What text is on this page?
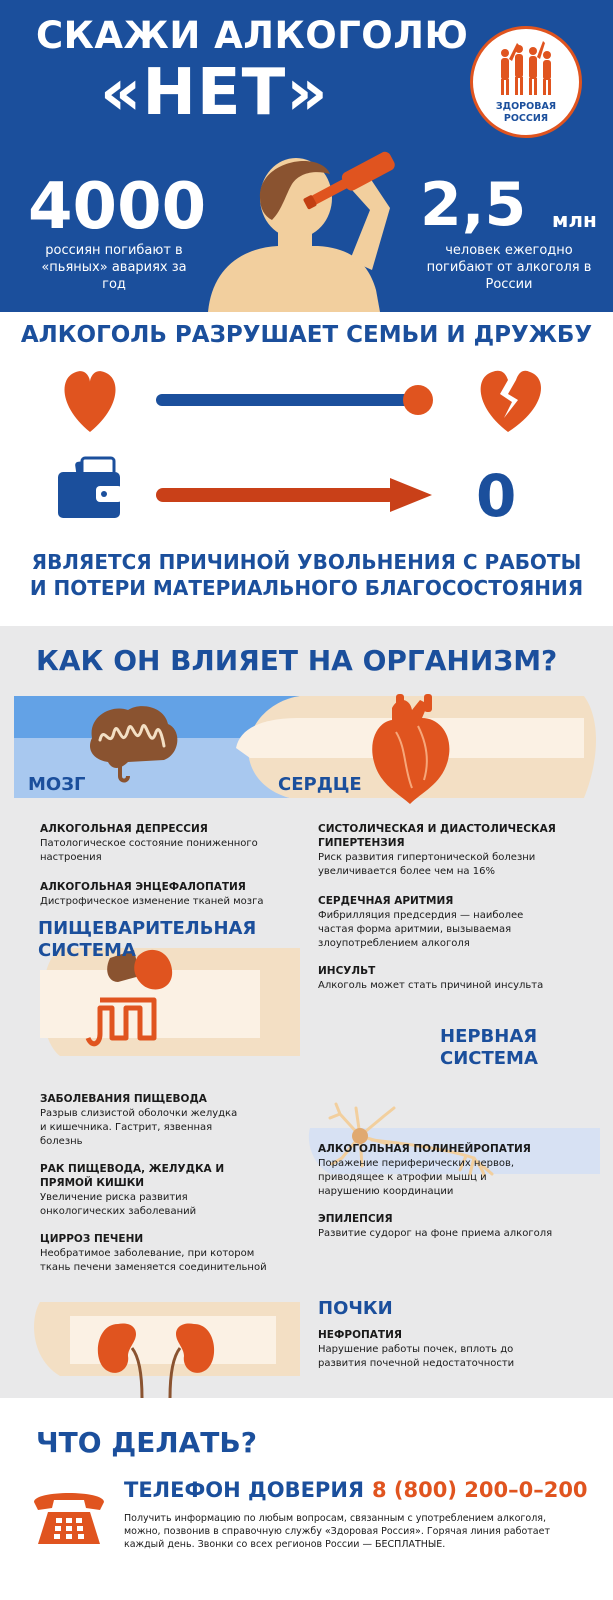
СКАЖИ АЛКОГОЛЮ
«НЕТ»	ЗДОРОВАЯ
РОССИЯ
4000
россиян погибают в «пьяных» авариях за год
2,5 млн
человек ежегодно погибают от алкоголя в России
АЛКОГОЛЬ РАЗРУШАЕТ СЕМЬИ И ДРУЖБУ
0
ЯВЛЯЕТСЯ ПРИЧИНОЙ УВОЛЬНЕНИЯ С РАБОТЫ
И ПОТЕРИ МАТЕРИАЛЬНОГО БЛАГОСОСТОЯНИЯ
КАК ОН ВЛИЯЕТ НА ОРГАНИЗМ?
МОЗГ	СЕРДЦЕ
АЛКОГОЛЬНАЯ ДЕПРЕССИЯ
Патологическое состояние пониженного настроения
АЛКОГОЛЬНАЯ ЭНЦЕФАЛОПАТИЯ
Дистрофическое изменение тканей мозга
СИСТОЛИЧЕСКАЯ И ДИАСТОЛИЧЕСКАЯ ГИПЕРТЕНЗИЯ
Риск развития гипертонической болезни увеличивается более чем на 16%
СЕРДЕЧНАЯ АРИТМИЯ
Фибрилляция предсердия — наиболее частая форма аритмии, вызываемая злоупотреблением алкоголя
ИНСУЛЬТ
Алкоголь может стать причиной инсульта
ПИЩЕВАРИТЕЛЬНАЯ
СИСТЕМА
ЗАБОЛЕВАНИЯ ПИЩЕВОДА
Разрыв слизистой оболочки желудка и кишечника. Гастрит, язвенная болезнь
РАК ПИЩЕВОДА, ЖЕЛУДКА И ПРЯМОЙ КИШКИ
Увеличение риска развития онкологических заболеваний
ЦИРРОЗ ПЕЧЕНИ
Необратимое заболевание, при котором ткань печени заменяется соединительной
НЕРВНАЯ
СИСТЕМА
АЛКОГОЛЬНАЯ ПОЛИНЕЙРОПАТИЯ
Поражение периферических нервов, приводящее к атрофии мышц и нарушению координации
ЭПИЛЕПСИЯ
Развитие судорог на фоне приема алкоголя
ПОЧКИ
НЕФРОПАТИЯ
Нарушение работы почек, вплоть до развития почечной недостаточности
ЧТО ДЕЛАТЬ?
ТЕЛЕФОН ДОВЕРИЯ 8 (800) 200–0–200
Получить информацию по любым вопросам, связанным с употреблением алкоголя, можно, позвонив в справочную службу «Здоровая Россия». Горячая линия работает каждый день. Звонки со всех регионов России — БЕСПЛАТНЫЕ.
